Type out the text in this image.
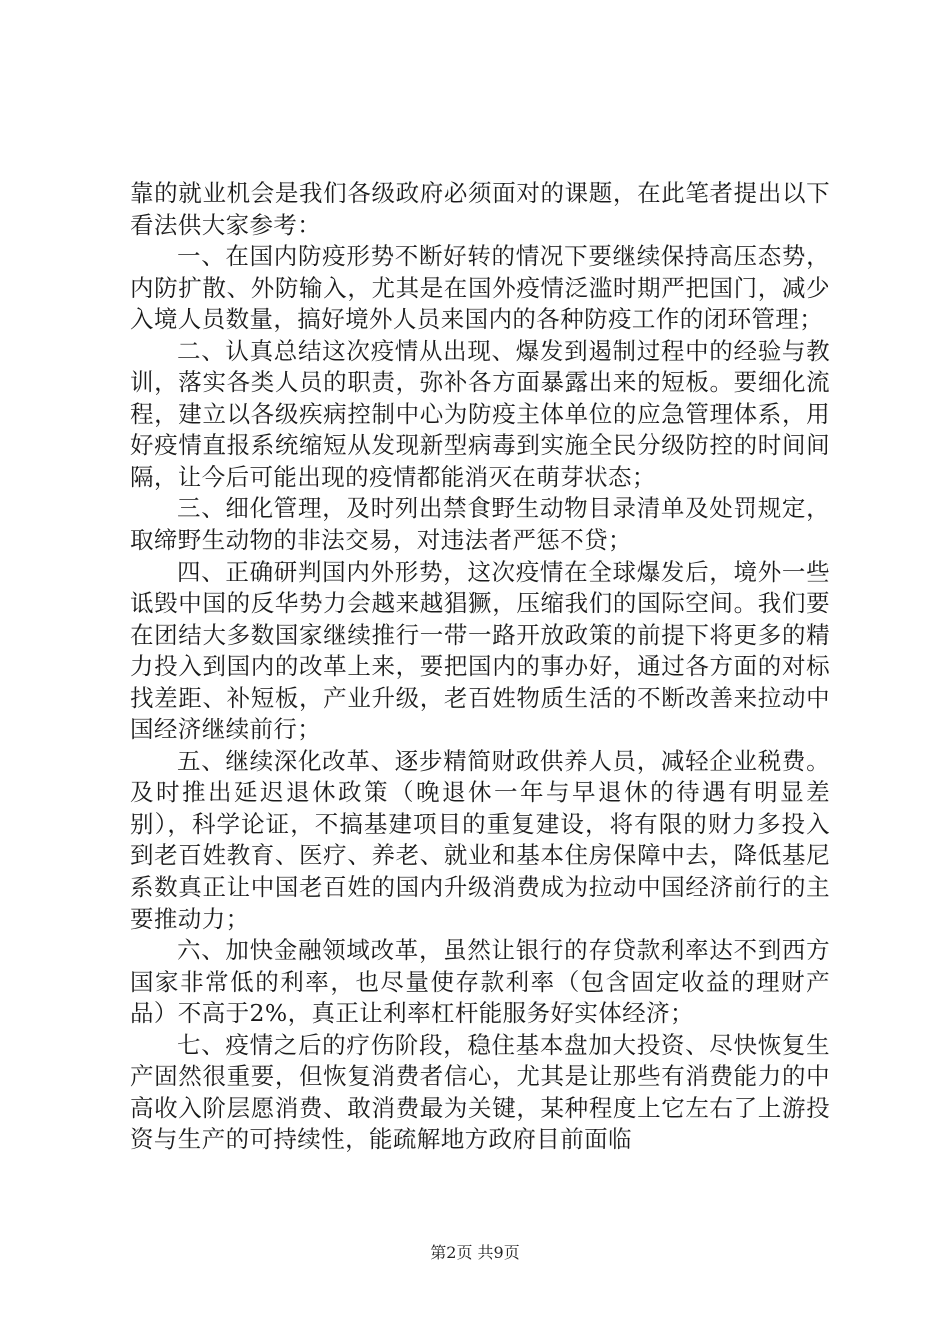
靠的就业机会是我们各级政府必须面对的课题，在此笔者提出以下看法供大家参考：

一、在国内防疫形势不断好转的情况下要继续保持高压态势，内防扩散、外防输入，尤其是在国外疫情泛滥时期严把国门，减少入境人员数量，搞好境外人员来国内的各种防疫工作的闭环管理；

二、认真总结这次疫情从出现、爆发到遏制过程中的经验与教训，落实各类人员的职责，弥补各方面暴露出来的短板。要细化流程，建立以各级疾病控制中心为防疫主体单位的应急管理体系，用好疫情直报系统缩短从发现新型病毒到实施全民分级防控的时间间隔，让今后可能出现的疫情都能消灭在萌芽状态；

三、细化管理，及时列出禁食野生动物目录清单及处罚规定，取缔野生动物的非法交易，对违法者严惩不贷；

四、正确研判国内外形势，这次疫情在全球爆发后，境外一些诋毁中国的反华势力会越来越猖獗，压缩我们的国际空间。我们要在团结大多数国家继续推行一带一路开放政策的前提下将更多的精力投入到国内的改革上来，要把国内的事办好，通过各方面的对标找差距、补短板，产业升级，老百姓物质生活的不断改善来拉动中国经济继续前行；

五、继续深化改革、逐步精简财政供养人员，减轻企业税费。及时推出延迟退休政策（晚退休一年与早退休的待遇有明显差别），科学论证，不搞基建项目的重复建设，将有限的财力多投入到老百姓教育、医疗、养老、就业和基本住房保障中去，降低基尼系数真正让中国老百姓的国内升级消费成为拉动中国经济前行的主要推动力；

六、加快金融领域改革，虽然让银行的存贷款利率达不到西方国家非常低的利率，也尽量使存款利率（包含固定收益的理财产品）不高于2%，真正让利率杠杆能服务好实体经济；

七、疫情之后的疗伤阶段，稳住基本盘加大投资、尽快恢复生产固然很重要，但恢复消费者信心，尤其是让那些有消费能力的中高收入阶层愿消费、敢消费最为关键，某种程度上它左右了上游投资与生产的可持续性，能疏解地方政府目前面临

第2页 共9页
